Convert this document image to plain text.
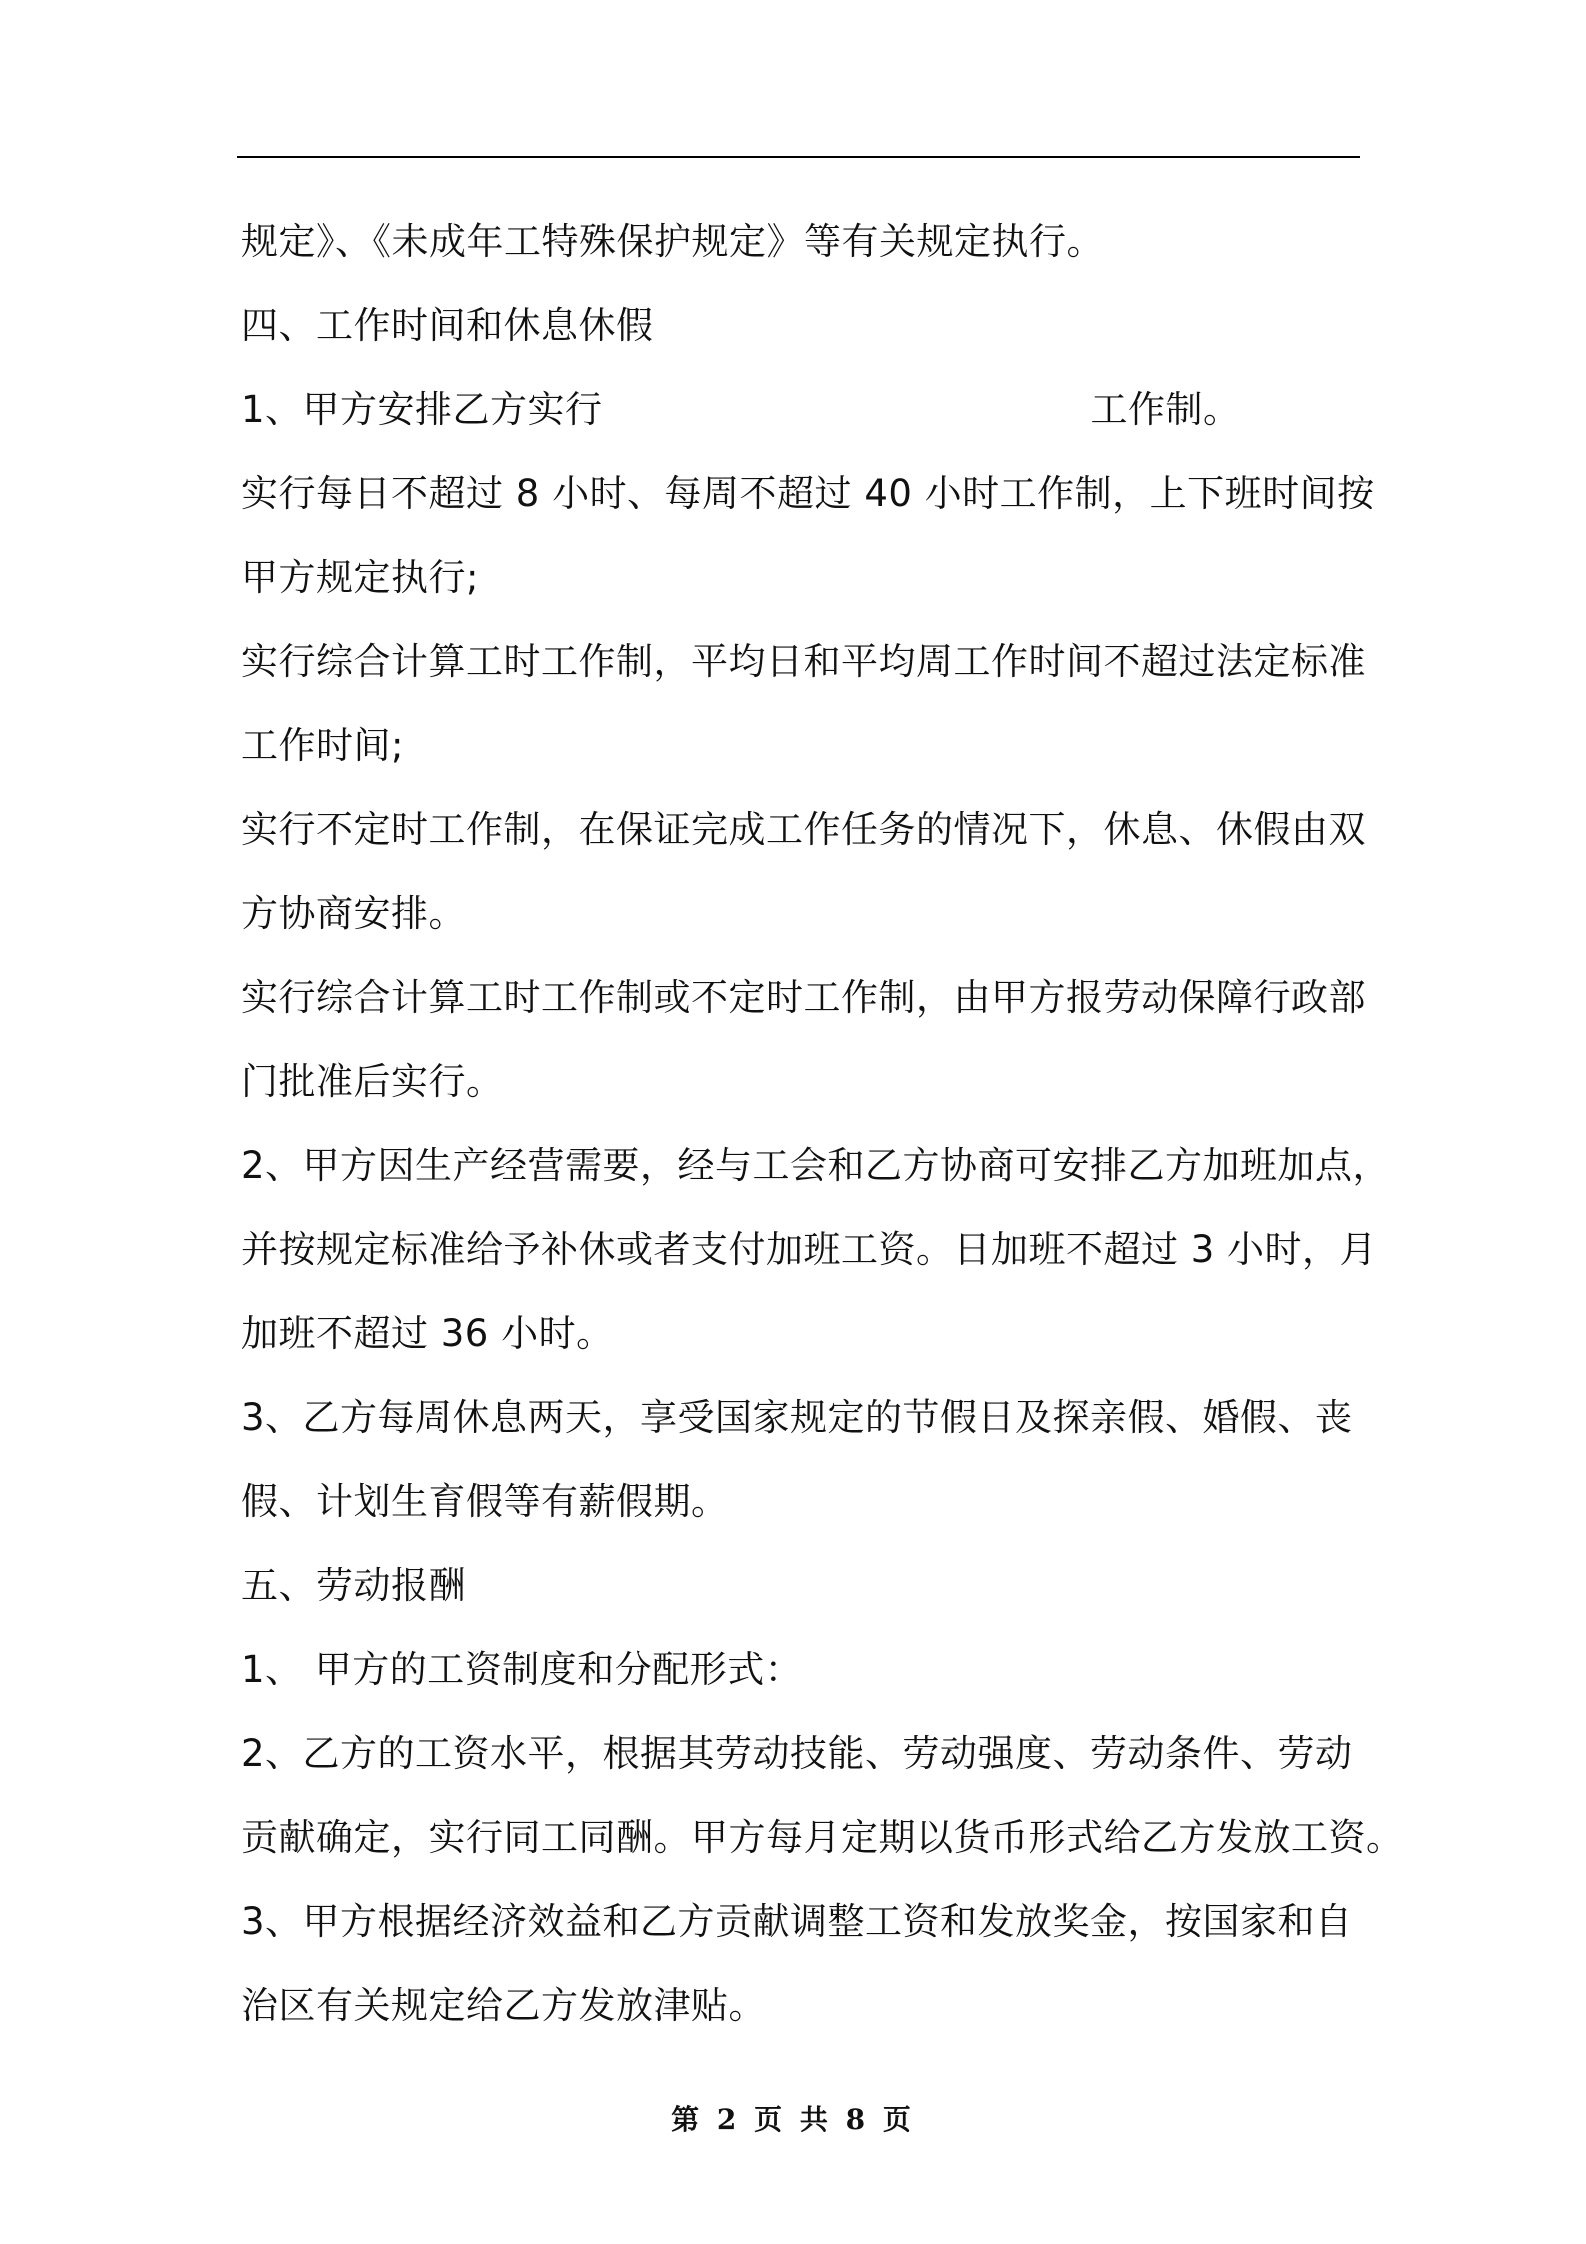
规定》、《未成年工特殊保护规定》等有关规定执行。
四、工作时间和休息休假
1、甲方安排乙方实行	工作制。
实行每日不超过 8 小时、每周不超过 40 小时工作制，上下班时间按
甲方规定执行;
实行综合计算工时工作制，平均日和平均周工作时间不超过法定标准
工作时间;
实行不定时工作制，在保证完成工作任务的情况下，休息、休假由双
方协商安排。
实行综合计算工时工作制或不定时工作制，由甲方报劳动保障行政部
门批准后实行。
2、甲方因生产经营需要，经与工会和乙方协商可安排乙方加班加点，
并按规定标准给予补休或者支付加班工资。日加班不超过 3 小时，月
加班不超过 36 小时。
3、乙方每周休息两天，享受国家规定的节假日及探亲假、婚假、丧
假、计划生育假等有薪假期。
五、劳动报酬
1、 甲方的工资制度和分配形式：
2、乙方的工资水平，根据其劳动技能、劳动强度、劳动条件、劳动
贡献确定，实行同工同酬。甲方每月定期以货币形式给乙方发放工资。
3、甲方根据经济效益和乙方贡献调整工资和发放奖金，按国家和自
治区有关规定给乙方发放津贴。
第 2 页 共 8 页
